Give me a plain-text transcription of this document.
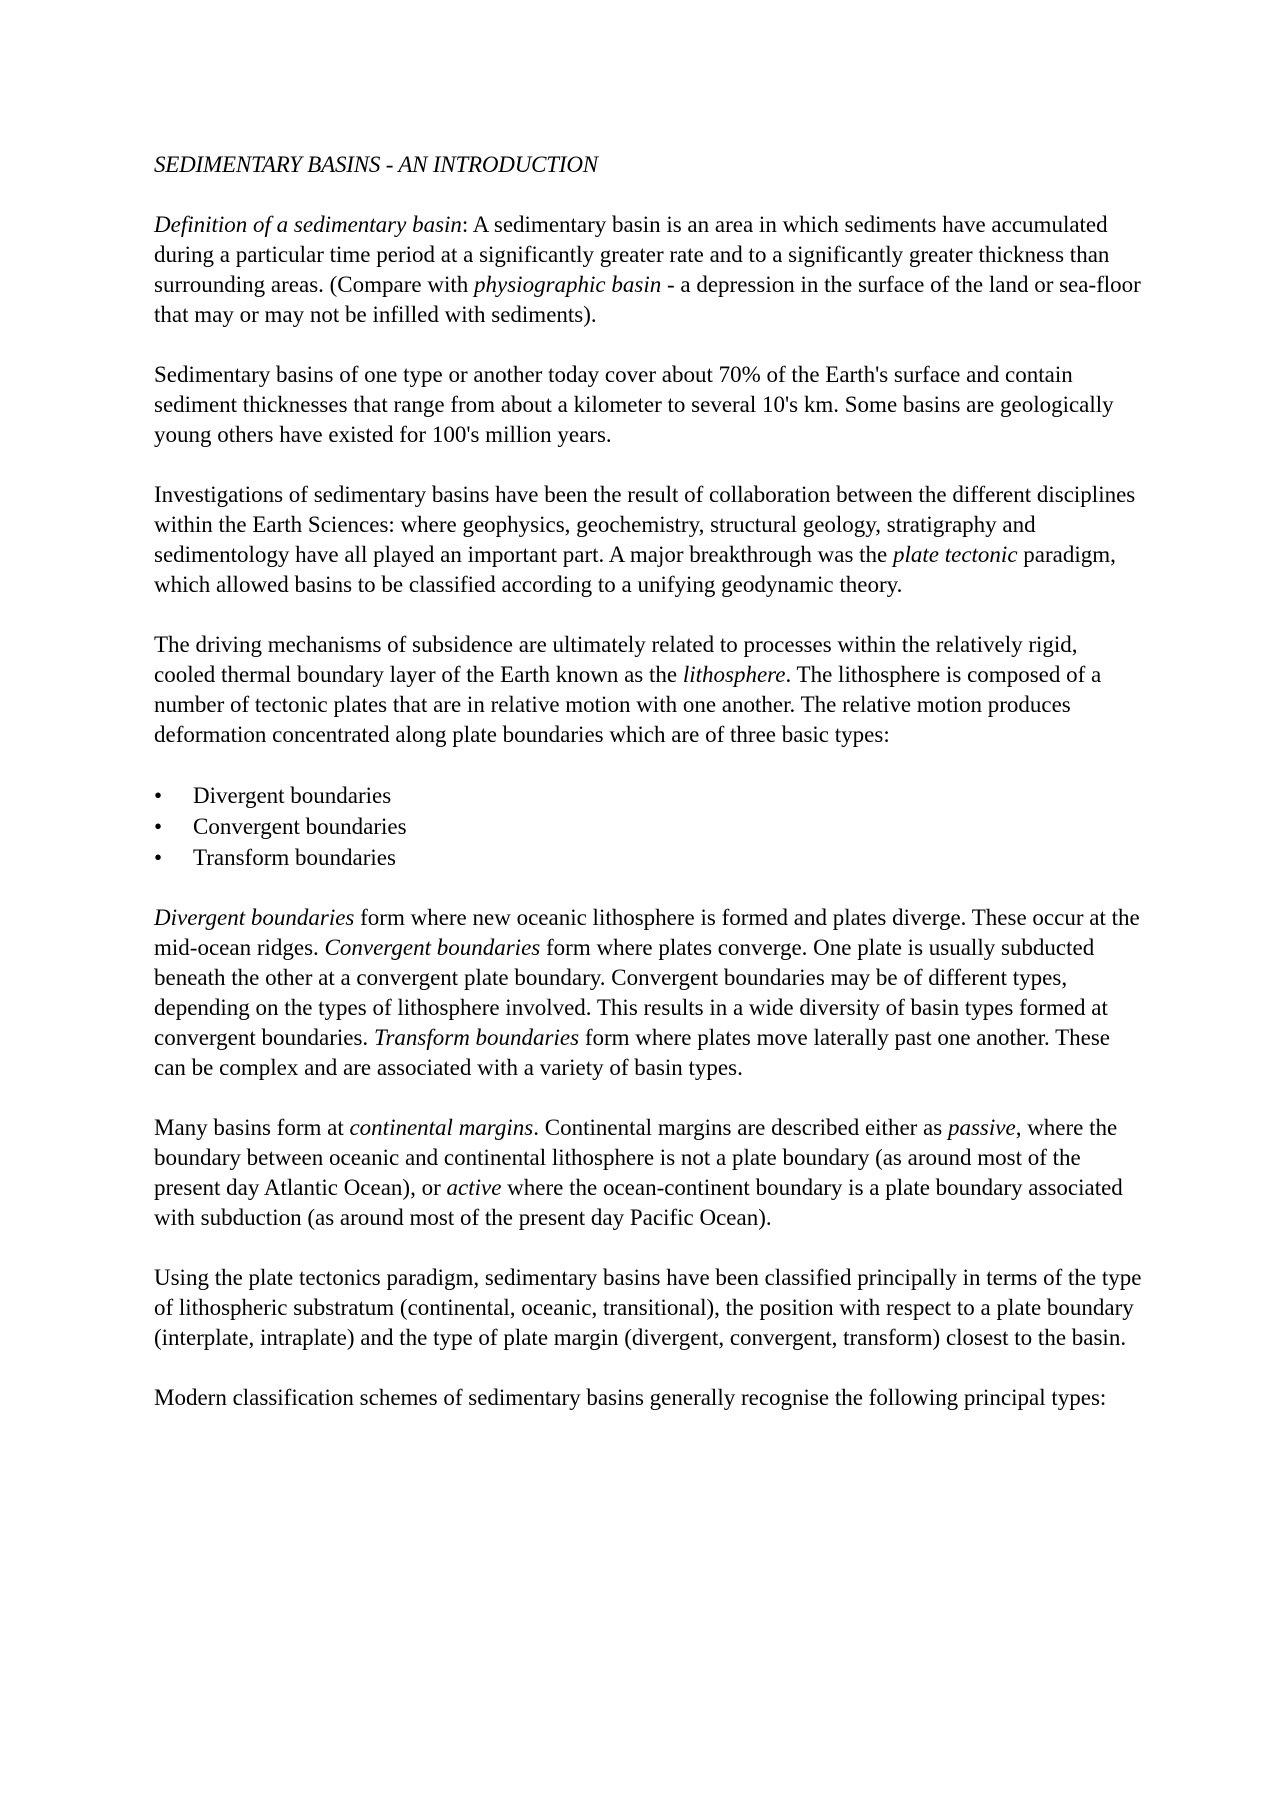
SEDIMENTARY BASINS - AN INTRODUCTION

Definition of a sedimentary basin: A sedimentary basin is an area in which sediments have accumulated during a particular time period at a significantly greater rate and to a significantly greater thickness than surrounding areas. (Compare with physiographic basin - a depression in the surface of the land or sea-floor that may or may not be infilled with sediments).

Sedimentary basins of one type or another today cover about 70% of the Earth's surface and contain sediment thicknesses that range from about a kilometer to several 10's km. Some basins are geologically young others have existed for 100's million years.

Investigations of sedimentary basins have been the result of collaboration between the different disciplines within the Earth Sciences: where geophysics, geochemistry, structural geology, stratigraphy and sedimentology have all played an important part. A major breakthrough was the plate tectonic paradigm, which allowed basins to be classified according to a unifying geodynamic theory.

The driving mechanisms of subsidence are ultimately related to processes within the relatively rigid, cooled thermal boundary layer of the Earth known as the lithosphere. The lithosphere is composed of a number of tectonic plates that are in relative motion with one another. The relative motion produces deformation concentrated along plate boundaries which are of three basic types:

•	Divergent boundaries
•	Convergent boundaries
•	Transform boundaries

Divergent boundaries form where new oceanic lithosphere is formed and plates diverge. These occur at the mid-ocean ridges. Convergent boundaries form where plates converge. One plate is usually subducted beneath the other at a convergent plate boundary. Convergent boundaries may be of different types, depending on the types of lithosphere involved. This results in a wide diversity of basin types formed at convergent boundaries. Transform boundaries form where plates move laterally past one another. These can be complex and are associated with a variety of basin types.

Many basins form at continental margins. Continental margins are described either as passive, where the boundary between oceanic and continental lithosphere is not a plate boundary (as around most of the present day Atlantic Ocean), or active where the ocean-continent boundary is a plate boundary associated with subduction (as around most of the present day Pacific Ocean).

Using the plate tectonics paradigm, sedimentary basins have been classified principally in terms of the type of lithospheric substratum (continental, oceanic, transitional), the position with respect to a plate boundary (interplate, intraplate) and the type of plate margin (divergent, convergent, transform) closest to the basin.

Modern classification schemes of sedimentary basins generally recognise the following principal types:
